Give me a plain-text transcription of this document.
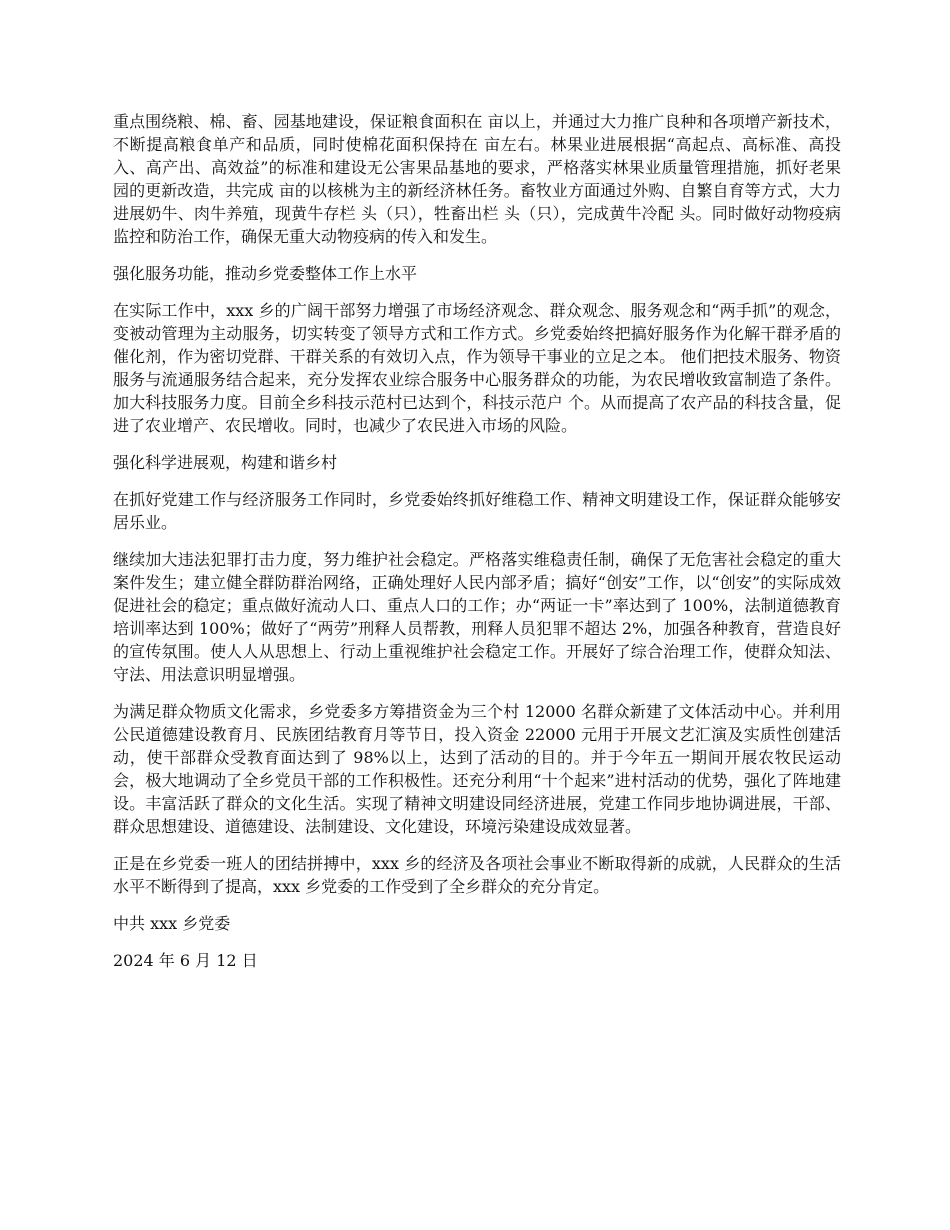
重点围绕粮、棉、畜、园基地建设，保证粮食面积在 亩以上，并通过大力推广良种和各项增产新技术，不断提高粮食单产和品质，同时使棉花面积保持在 亩左右。林果业进展根据“高起点、高标准、高投入、高产出、高效益”的标准和建设无公害果品基地的要求，严格落实林果业质量管理措施，抓好老果园的更新改造，共完成 亩的以核桃为主的新经济林任务。畜牧业方面通过外购、自繁自育等方式，大力进展奶牛、肉牛养殖，现黄牛存栏 头（只），牲畜出栏 头（只），完成黄牛冷配 头。同时做好动物疫病监控和防治工作，确保无重大动物疫病的传入和发生。

强化服务功能，推动乡党委整体工作上水平

在实际工作中，xxx 乡的广阔干部努力增强了市场经济观念、群众观念、服务观念和“两手抓”的观念，变被动管理为主动服务，切实转变了领导方式和工作方式。乡党委始终把搞好服务作为化解干群矛盾的催化剂，作为密切党群、干群关系的有效切入点，作为领导干事业的立足之本。 他们把技术服务、物资服务与流通服务结合起来，充分发挥农业综合服务中心服务群众的功能，为农民增收致富制造了条件。加大科技服务力度。目前全乡科技示范村已达到个，科技示范户 个。从而提高了农产品的科技含量，促进了农业增产、农民增收。同时，也减少了农民进入市场的风险。

强化科学进展观，构建和谐乡村

在抓好党建工作与经济服务工作同时，乡党委始终抓好维稳工作、精神文明建设工作，保证群众能够安居乐业。

继续加大违法犯罪打击力度，努力维护社会稳定。严格落实维稳责任制，确保了无危害社会稳定的重大案件发生；建立健全群防群治网络，正确处理好人民内部矛盾；搞好“创安”工作，以“创安”的实际成效促进社会的稳定；重点做好流动人口、重点人口的工作；办“两证一卡”率达到了 100%，法制道德教育培训率达到 100%；做好了“两劳”刑释人员帮教，刑释人员犯罪不超达 2%，加强各种教育，营造良好的宣传氛围。使人人从思想上、行动上重视维护社会稳定工作。开展好了综合治理工作，使群众知法、守法、用法意识明显增强。

为满足群众物质文化需求，乡党委多方筹措资金为三个村 12000 名群众新建了文体活动中心。并利用公民道德建设教育月、民族团结教育月等节日，投入资金 22000 元用于开展文艺汇演及实质性创建活动，使干部群众受教育面达到了 98%以上，达到了活动的目的。并于今年五一期间开展农牧民运动会，极大地调动了全乡党员干部的工作积极性。还充分利用“十个起来”进村活动的优势，强化了阵地建设。丰富活跃了群众的文化生活。实现了精神文明建设同经济进展，党建工作同步地协调进展，干部、群众思想建设、道德建设、法制建设、文化建设，环境污染建设成效显著。

正是在乡党委一班人的团结拼搏中，xxx 乡的经济及各项社会事业不断取得新的成就，人民群众的生活水平不断得到了提高，xxx 乡党委的工作受到了全乡群众的充分肯定。

中共 xxx 乡党委

2024 年 6 月 12 日
